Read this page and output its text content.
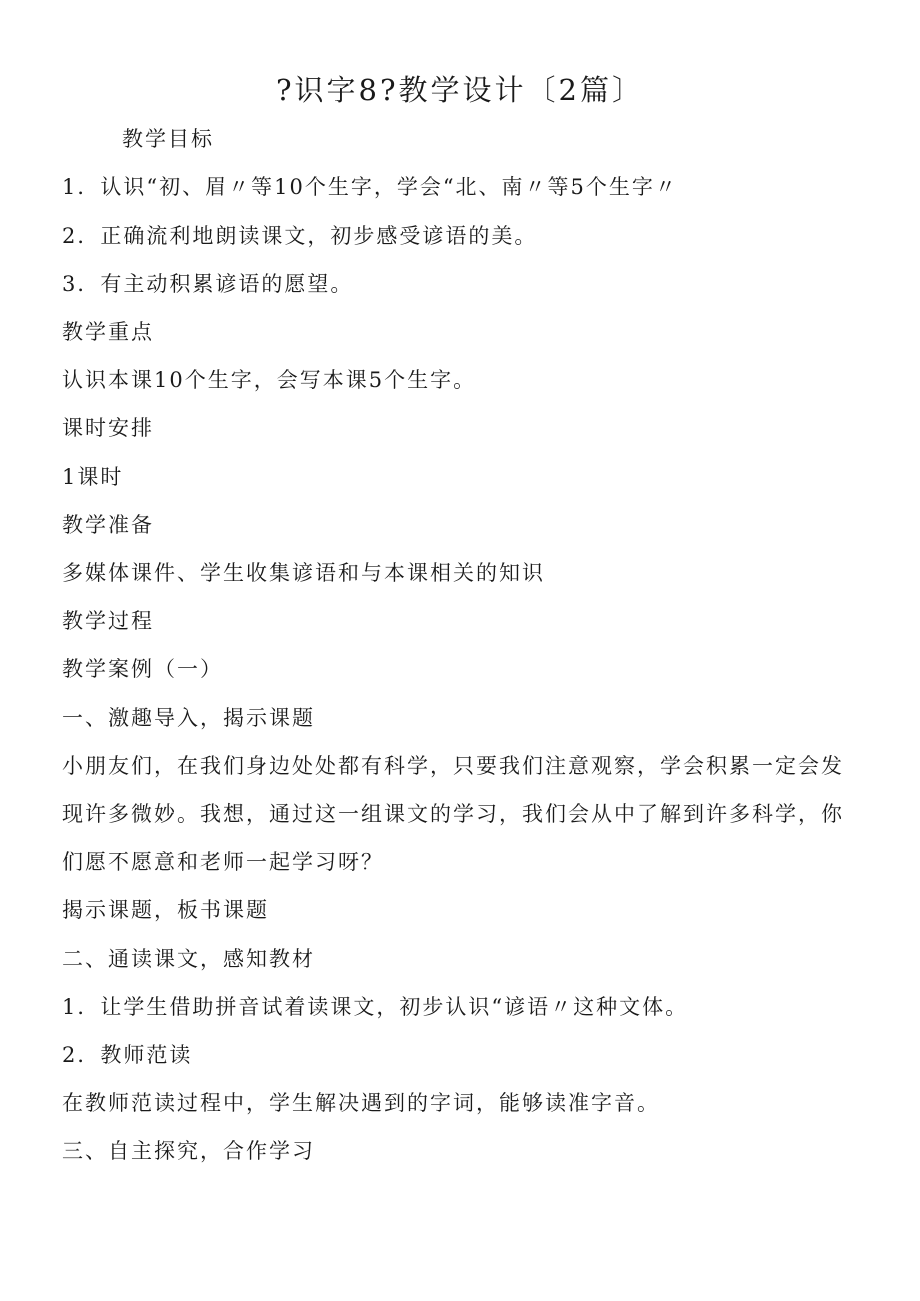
?识字8?教学设计〔2篇〕

教学目标

1．认识“初、眉〃等10个生字，学会“北、南〃等5个生字〃

2．正确流利地朗读课文，初步感受谚语的美。

3．有主动积累谚语的愿望。

教学重点

认识本课10个生字，会写本课5个生字。

课时安排

1课时

教学准备

多媒体课件、学生收集谚语和与本课相关的知识

教学过程

教学案例（一）

一、激趣导入，揭示课题

小朋友们，在我们身边处处都有科学，只要我们注意观察，学会积累一定会发

现许多微妙。我想，通过这一组课文的学习，我们会从中了解到许多科学，你

们愿不愿意和老师一起学习呀？

揭示课题，板书课题

二、通读课文，感知教材

1．让学生借助拼音试着读课文，初步认识“谚语〃这种文体。

2．教师范读

在教师范读过程中，学生解决遇到的字词，能够读准字音。

三、自主探究，合作学习
